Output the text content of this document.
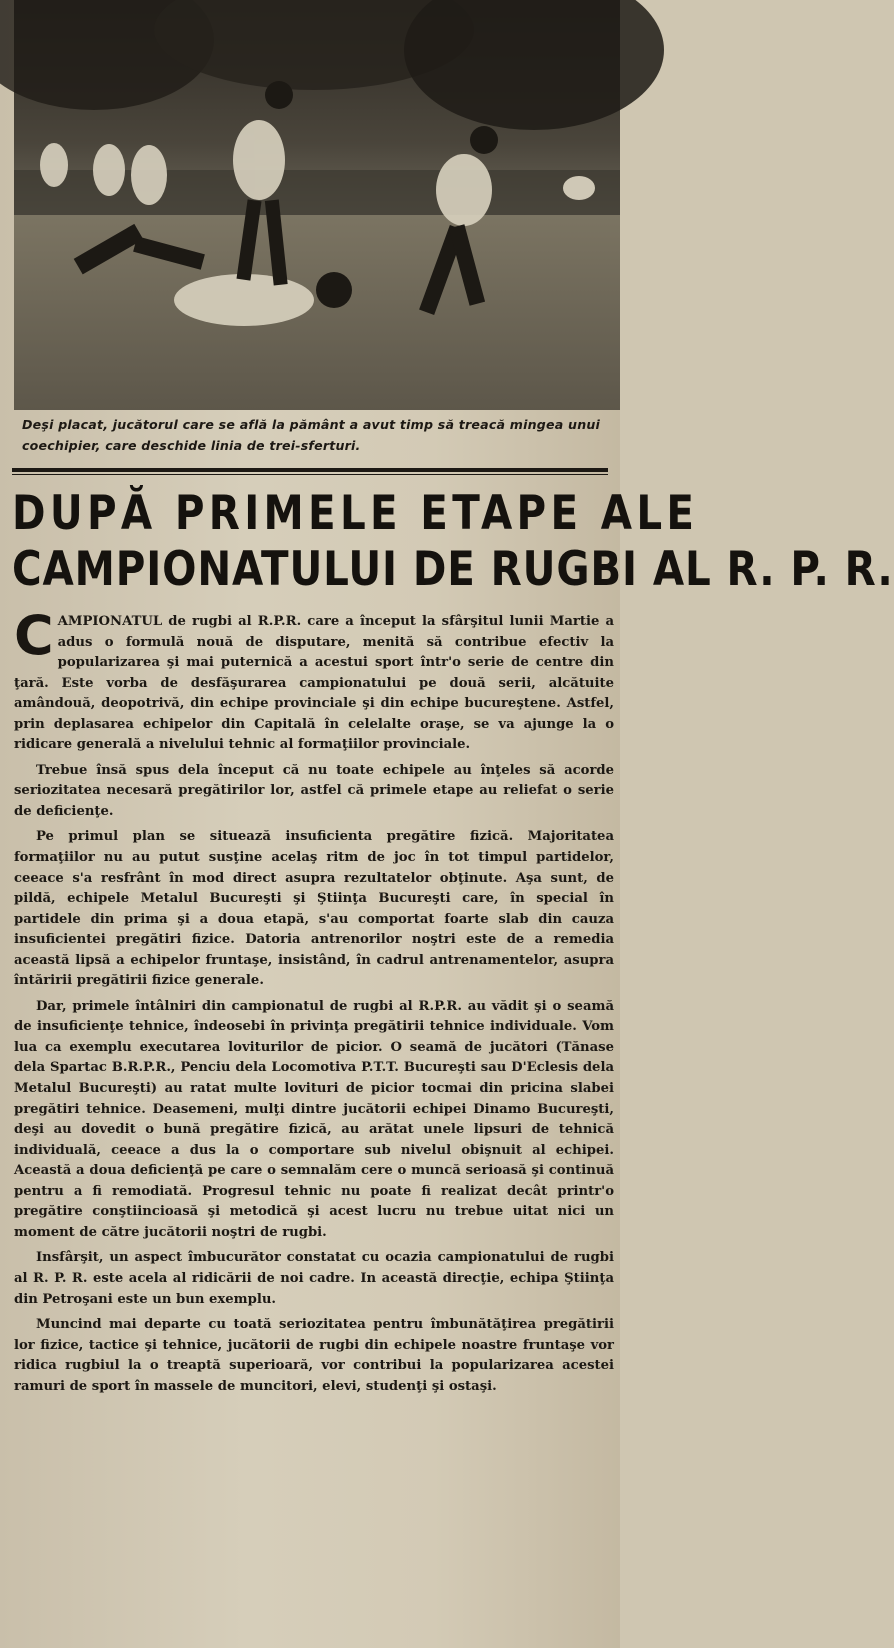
Deşi placat, jucătorul care se află la pământ a avut timp să treacă mingea unui coechipier, care deschide linia de trei-sferturi.
DUPĂ PRIMELE ETAPE ALE
CAMPIONATULUI DE RUGBI AL R. P. R.

CAMPIONATUL de rugbi al R.P.R. care a început la sfârşitul lunii Martie a adus o formulă nouă de disputare, menită să contribue efectiv la popularizarea şi mai puternică a acestui sport într'o serie de centre din ţară. Este vorba de desfăşurarea campionatului pe două serii, alcătuite amândouă, deopotrivă, din echipe provinciale şi din echipe bucureştene. Astfel, prin deplasarea echipelor din Capitală în celelalte oraşe, se va ajunge la o ridicare generală a nivelului tehnic al formaţiilor provinciale.

Trebue însă spus dela început că nu toate echipele au înţeles să acorde seriozitatea necesară pregătirilor lor, astfel că primele etape au reliefat o serie de deficienţe.

Pe primul plan se situează insuficienta pregătire fizică. Majoritatea formaţiilor nu au putut susţine acelaş ritm de joc în tot timpul partidelor, ceeace s'a resfrânt în mod direct asupra rezultatelor obţinute. Aşa sunt, de pildă, echipele Metalul Bucureşti şi Ştiinţa Bucureşti care, în special în partidele din prima şi a doua etapă, s'au comportat foarte slab din cauza insuficientei pregătiri fizice. Datoria antrenorilor noştri este de a remedia această lipsă a echipelor fruntaşe, insistând, în cadrul antrenamentelor, asupra întăririi pregătirii fizice generale.

Dar, primele întâlniri din campionatul de rugbi al R.P.R. au vădit şi o seamă de insuficienţe tehnice, îndeosebi în privinţa pregătirii tehnice individuale. Vom lua ca exemplu executarea loviturilor de picior. O seamă de jucători (Tănase dela Spartac B.R.P.R., Penciu dela Locomotiva P.T.T. Bucureşti sau D'Eclesis dela Metalul Bucureşti) au ratat multe lovituri de picior tocmai din pricina slabei pregătiri tehnice. Deasemeni, mulţi dintre jucătorii echipei Dinamo Bucureşti, deşi au dovedit o bună pregătire fizică, au arătat unele lipsuri de tehnică individuală, ceeace a dus la o comportare sub nivelul obişnuit al echipei. Această a doua deficienţă pe care o semnalăm cere o muncă serioasă şi continuă pentru a fi remodiată. Progresul tehnic nu poate fi realizat decât printr'o pregătire conştiincioasă şi metodică şi acest lucru nu trebue uitat nici un moment de către jucătorii noştri de rugbi.

Insfârşit, un aspect îmbucurător constatat cu ocazia campionatului de rugbi al R. P. R. este acela al ridicării de noi cadre. In această direcţie, echipa Ştiinţa din Petroşani este un bun exemplu.

Muncind mai departe cu toată seriozitatea pentru îmbunătăţirea pregătirii lor fizice, tactice şi tehnice, jucătorii de rugbi din echipele noastre fruntaşe vor ridica rugbiul la o treaptă superioară, vor contribui la popularizarea acestei ramuri de sport în massele de muncitori, elevi, studenţi şi ostaşi.
